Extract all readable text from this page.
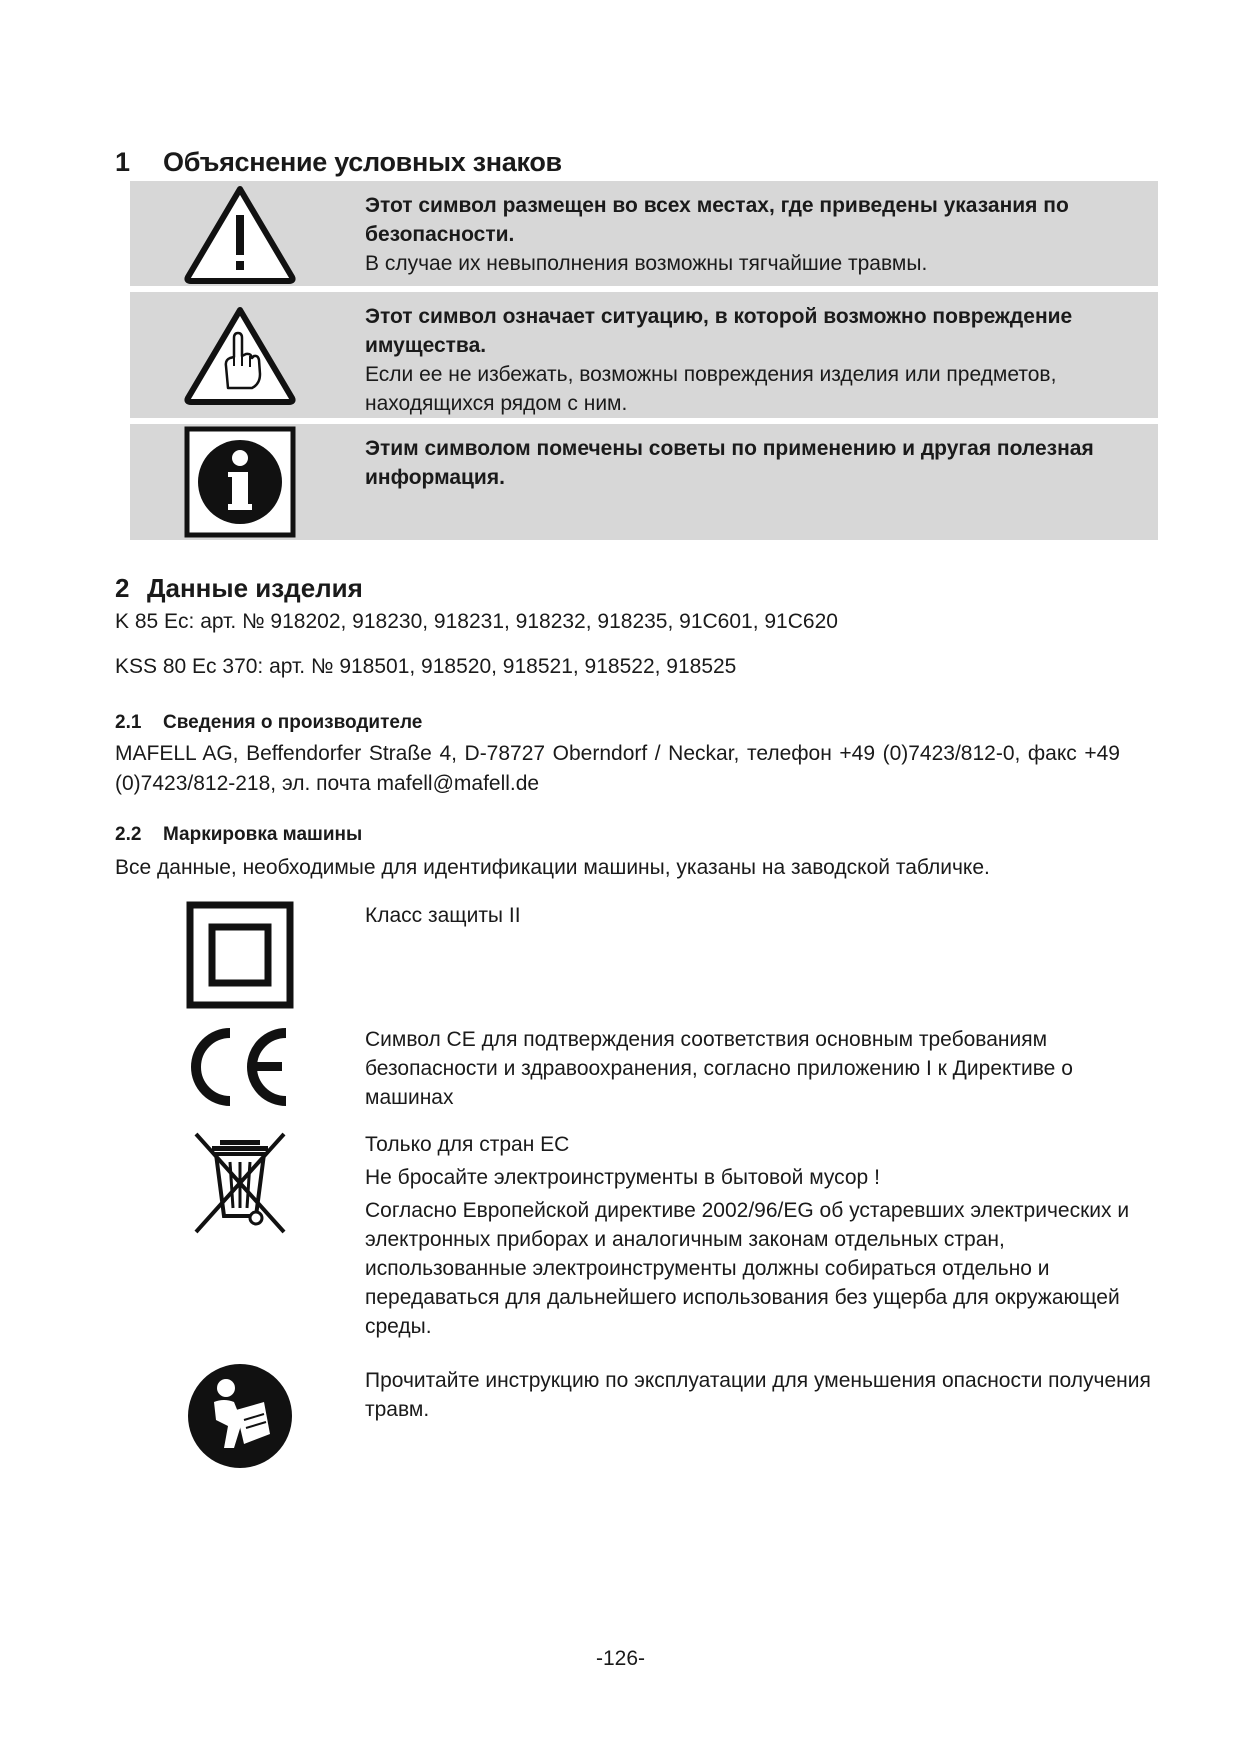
1	Объяснение условных знаков
Этот символ размещен во всех местах, где приведены указания по безопасности.
В случае их невыполнения возможны тягчайшие травмы.
Этот символ означает ситуацию, в которой возможно повреждение имущества.
Если ее не избежать, возможны повреждения изделия или предметов, находящихся рядом с ним.
Этим символом помечены советы по применению и другая полезная информация.
2 Данные изделия
K 85 Ec: арт. № 918202, 918230, 918231, 918232, 918235, 91C601, 91C620
KSS 80 Ec 370: арт. № 918501, 918520, 918521, 918522, 918525
2.1	Сведения о производителе
MAFELL AG, Beffendorfer Straße 4, D-78727 Oberndorf / Neckar, телефон +49 (0)7423/812-0, факс +49 (0)7423/812-218, эл. почта mafell@mafell.de
2.2	Маркировка машины
Все данные, необходимые для идентификации машины, указаны на заводской табличке.
Класс защиты II
Символ CE для подтверждения соответствия основным требованиям безопасности и здравоохранения, согласно приложению I к Директиве о машинах
Только для стран ЕС
Не бросайте электроинструменты в бытовой мусор !
Согласно Европейской директиве 2002/96/EG об устаревших электрических и электронных приборах и аналогичным законам отдельных стран, использованные электроинструменты должны собираться отдельно и передаваться для дальнейшего использования без ущерба для окружающей среды.
Прочитайте инструкцию по эксплуатации для уменьшения опасности получения травм.
-126-
